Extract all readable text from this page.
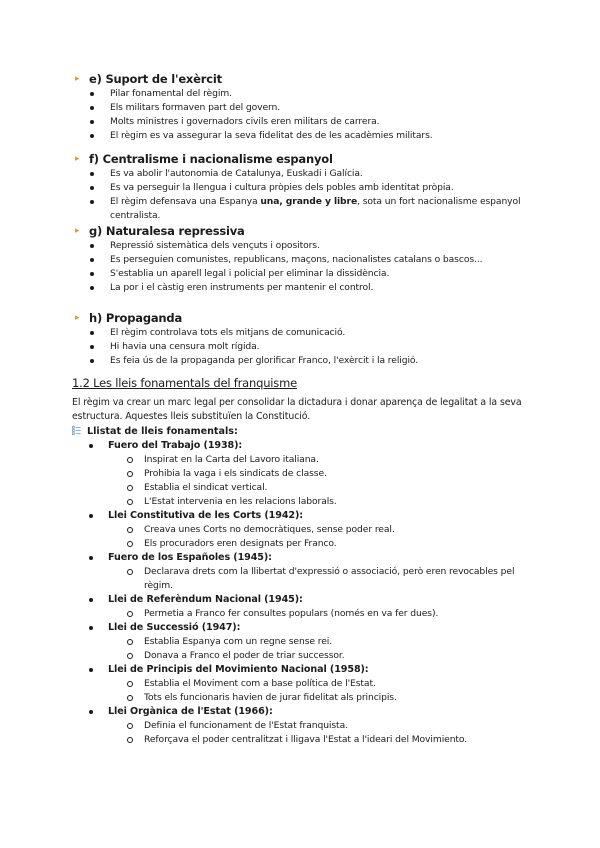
▸ e) Suport de l'exèrcit
Pilar fonamental del règim.
Els militars formaven part del govern.
Molts ministres i governadors civils eren militars de carrera.
El règim es va assegurar la seva fidelitat des de les acadèmies militars.
▸ f) Centralisme i nacionalisme espanyol
Es va abolir l'autonomia de Catalunya, Euskadi i Galícia.
Es va perseguir la llengua i cultura pròpies dels pobles amb identitat pròpia.
El règim defensava una Espanya una, grande y libre, sota un fort nacionalisme espanyol centralista.
▸ g) Naturalesa repressiva
Repressió sistemàtica dels vençuts i opositors.
Es perseguien comunistes, republicans, maçons, nacionalistes catalans o bascos...
S'establia un aparell legal i policial per eliminar la dissidència.
La por i el càstig eren instruments per mantenir el control.
▸ h) Propaganda
El règim controlava tots els mitjans de comunicació.
Hi havia una censura molt rígida.
Es feia ús de la propaganda per glorificar Franco, l'exèrcit i la religió.
1.2 Les lleis fonamentals del franquisme
El règim va crear un marc legal per consolidar la dictadura i donar aparença de legalitat a la seva estructura. Aquestes lleis substituïen la Constitució.
Llistat de lleis fonamentals:
Fuero del Trabajo (1938):
Inspirat en la Carta del Lavoro italiana.
Prohibia la vaga i els sindicats de classe.
Establia el sindicat vertical.
L'Estat intervenia en les relacions laborals.
Llei Constitutiva de les Corts (1942):
Creava unes Corts no democràtiques, sense poder real.
Els procuradors eren designats per Franco.
Fuero de los Españoles (1945):
Declarava drets com la llibertat d'expressió o associació, però eren revocables pel règim.
Llei de Referèndum Nacional (1945):
Permetia a Franco fer consultes populars (només en va fer dues).
Llei de Successió (1947):
Establia Espanya com un regne sense rei.
Donava a Franco el poder de triar successor.
Llei de Principis del Movimiento Nacional (1958):
Establia el Moviment com a base política de l'Estat.
Tots els funcionaris havien de jurar fidelitat als principis.
Llei Orgànica de l'Estat (1966):
Definia el funcionament de l'Estat franquista.
Reforçava el poder centralitzat i lligava l'Estat a l'ideari del Movimiento.
